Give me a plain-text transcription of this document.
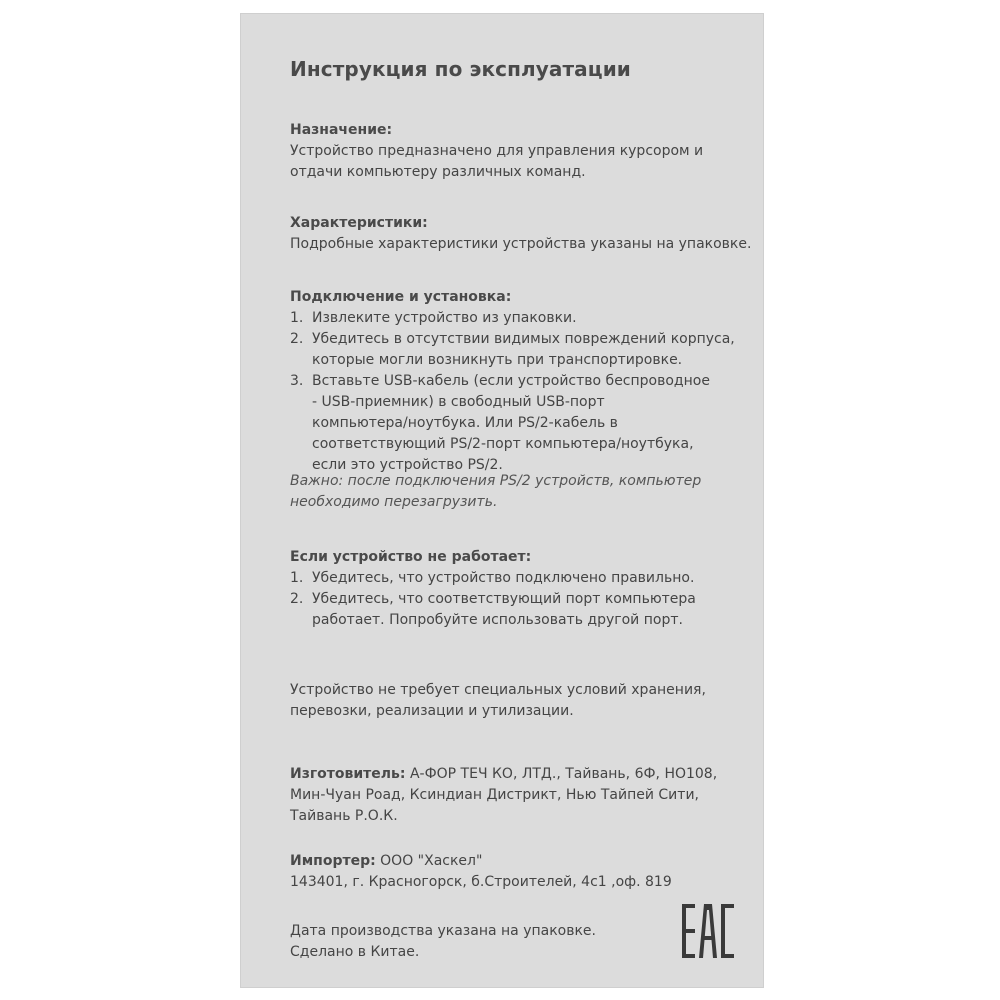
Инструкция по эксплуатации
Назначение:
Устройство предназначено для управления курсором и
отдачи компьютеру различных команд.
Характеристики:
Подробные характеристики устройства указаны на упаковке.
Подключение и установка:
1. Извлеките устройство из упаковки.
2. Убедитесь в отсутствии видимых повреждений корпуса,
которые могли возникнуть при транспортировке.
3. Вставьте USB-кабель (если устройство беспроводное
- USB-приемник) в свободный USB-порт
компьютера/ноутбука. Или PS/2-кабель в
соответствующий PS/2-порт компьютера/ноутбука,
если это устройство PS/2.
Важно: после подключения PS/2 устройств, компьютер
необходимо перезагрузить.
Если устройство не работает:
1. Убедитесь, что устройство подключено правильно.
2. Убедитесь, что соответствующий порт компьютера
работает. Попробуйте использовать другой порт.
Устройство не требует специальных условий хранения,
перевозки, реализации и утилизации.
Изготовитель: А-ФОР ТЕЧ КО, ЛТД., Тайвань, 6Ф, НО108,
Мин-Чуан Роад, Ксиндиан Дистрикт, Нью Тайпей Сити,
Тайвань Р.О.К.
Импортер: ООО "Хаскел"
143401, г. Красногорск, б.Строителей, 4с1 ,оф. 819
Дата производства указана на упаковке.
Сделано в Китае.
